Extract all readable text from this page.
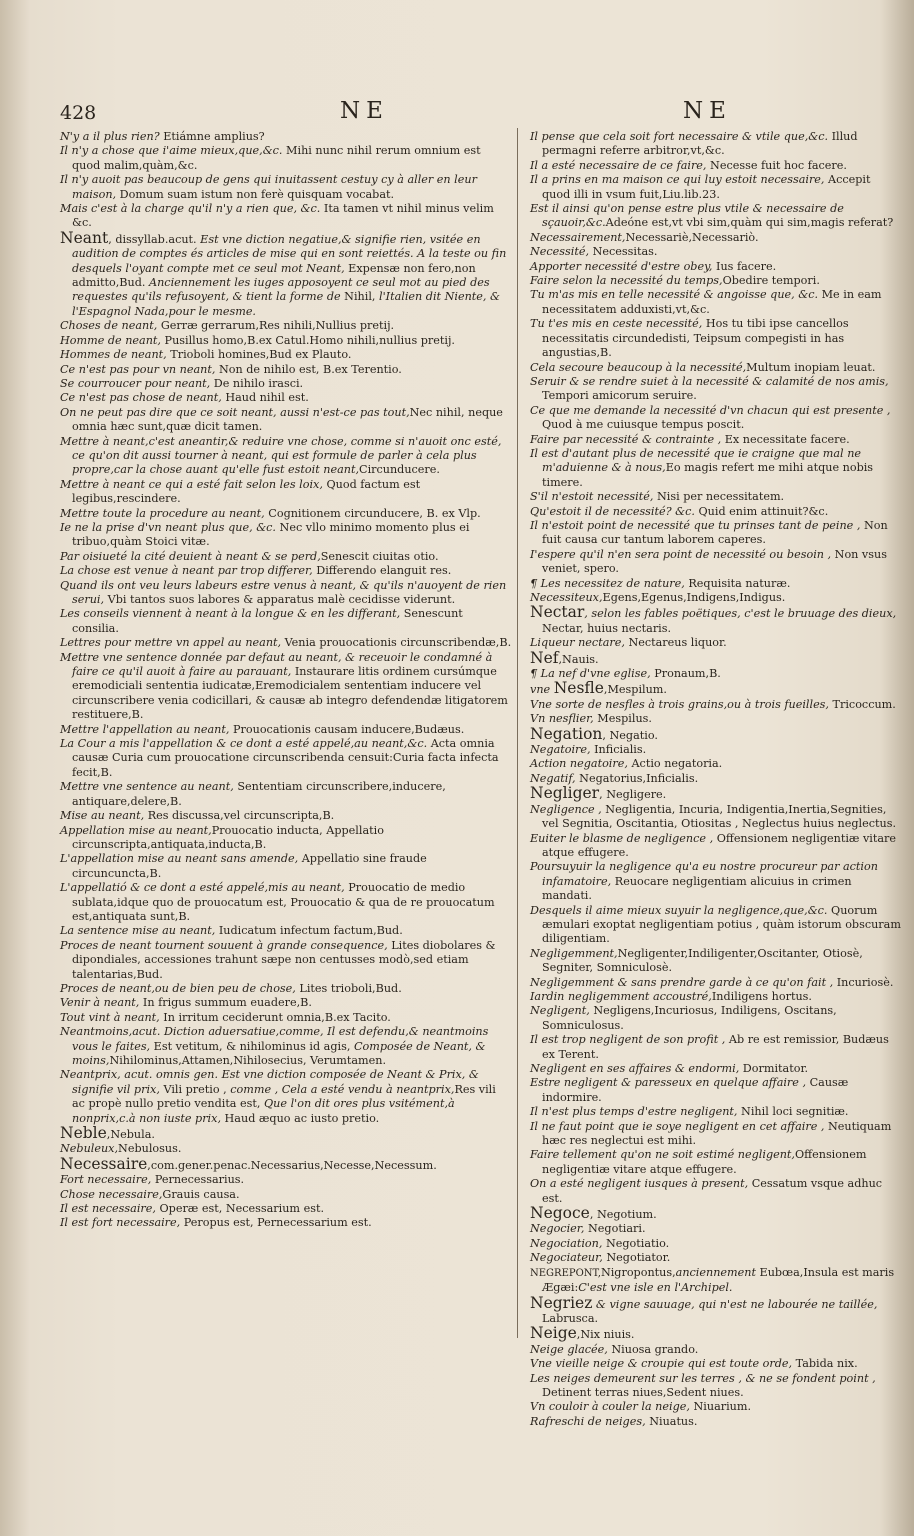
428	NE	NE
N'y a il plus rien? Etiámne amplius?
Il n'y a chose que i'aime mieux,que,&c. Mihi nunc nihil rerum omnium est quod malim,quàm,&c.
Il n'y auoit pas beaucoup de gens qui inuitassent cestuy cy à aller en leur maison, Domum suam istum non ferè quisquam vocabat.
Mais c'est à la charge qu'il n'y a rien que, &c. Ita tamen vt nihil minus velim &c.
Neant, dissyllab.acut. Est vne diction negatiue,& signifie rien, vsitée en audition de comptes és articles de mise qui en sont reiettés. A la teste ou fin desquels l'oyant compte met ce seul mot Neant, Expensæ non fero,non admitto,Bud. Anciennement les iuges apposoyent ce seul mot au pied des requestes qu'ils refusoyent, & tient la forme de Nihil, l'Italien dit Niente, & l'Espagnol Nada,pour le mesme.
Choses de neant, Gerræ gerrarum,Res nihili,Nullius pretij.
Homme de neant, Pusillus homo,B.ex Catul.Homo nihili,nullius pretij.
Hommes de neant, Trioboli homines,Bud ex Plauto.
Ce n'est pas pour vn neant, Non de nihilo est, B.ex Terentio.
Se courroucer pour neant, De nihilo irasci.
Ce n'est pas chose de neant, Haud nihil est.
On ne peut pas dire que ce soit neant, aussi n'est-ce pas tout,Nec nihil, neque omnia hæc sunt,quæ dicit tamen.
Mettre à neant,c'est aneantir,& reduire vne chose, comme si n'auoit onc esté, ce qu'on dit aussi tourner à neant, qui est formule de parler à cela plus propre,car la chose auant qu'elle fust estoit neant,Circunducere.
Mettre à neant ce qui a esté fait selon les loix, Quod factum est legibus,rescindere.
Mettre toute la procedure au neant, Cognitionem circunducere, B. ex Vlp.
Ie ne la prise d'vn neant plus que, &c. Nec vllo minimo momento plus ei tribuo,quàm Stoici vitæ.
Par oisiueté la cité deuient à neant & se perd,Senescit ciuitas otio.
La chose est venue à neant par trop differer, Differendo elanguit res.
Quand ils ont veu leurs labeurs estre venus à neant, & qu'ils n'auoyent de rien serui, Vbi tantos suos labores & apparatus malè cecidisse viderunt.
Les conseils viennent à neant à la longue & en les differant, Senescunt consilia.
Lettres pour mettre vn appel au neant, Venia prouocationis circunscribendæ,B.
Mettre vne sentence donnée par defaut au neant, & receuoir le condamné à faire ce qu'il auoit à faire au parauant, Instaurare litis ordinem cursúmque eremodiciali sententia iudicatæ,Eremodicialem sententiam inducere vel circunscribere venia codicillari, & causæ ab integro defendendæ litigatorem restituere,B.
Mettre l'appellation au neant, Prouocationis causam inducere,Budæus.
La Cour a mis l'appellation & ce dont a esté appelé,au neant,&c. Acta omnia causæ Curia cum prouocatione circunscribenda censuit:Curia facta infecta fecit,B.
Mettre vne sentence au neant, Sententiam circunscribere,inducere, antiquare,delere,B.
Mise au neant, Res discussa,vel circunscripta,B.
Appellation mise au neant,Prouocatio inducta, Appellatio circunscripta,antiquata,inducta,B.
L'appellation mise au neant sans amende, Appellatio sine fraude circuncuncta,B.
L'appellatió & ce dont a esté appelé,mis au neant, Prouocatio de medio sublata,idque quo de prouocatum est, Prouocatio & qua de re prouocatum est,antiquata sunt,B.
La sentence mise au neant, Iudicatum infectum factum,Bud.
Proces de neant tournent souuent à grande consequence, Lites diobolares & dipondiales, accessiones trahunt sæpe non centusses modò,sed etiam talentarias,Bud.
Proces de neant,ou de bien peu de chose, Lites trioboli,Bud.
Venir à neant, In frigus summum euadere,B.
Tout vint à neant, In irritum ceciderunt omnia,B.ex Tacito.
Neantmoins,acut. Diction aduersatiue,comme, Il est defendu,& neantmoins vous le faites, Est vetitum, & nihilominus id agis, Composée de Neant, & moins,Nihilominus,Attamen,Nihilosecius, Verumtamen.
Neantprix, acut. omnis gen. Est vne diction composée de Neant & Prix, & signifie vil prix, Vili pretio , comme , Cela a esté vendu à neantprix,Res vili ac propè nullo pretio vendita est, Que l'on dit ores plus vsitément,à nonprix,c.à non iuste prix, Haud æquo ac iusto pretio.
Neble,Nebula.
Nebuleux,Nebulosus.
Necessaire,com.gener.penac.Necessarius,Necesse,Necessum.
Fort necessaire, Pernecessarius.
Chose necessaire,Grauis causa.
Il est necessaire, Operæ est, Necessarium est.
Il est fort necessaire, Peropus est, Pernecessarium est.
Il pense que cela soit fort necessaire & vtile que,&c. Illud permagni referre arbitror,vt,&c.
Il a esté necessaire de ce faire, Necesse fuit hoc facere.
Il a prins en ma maison ce qui luy estoit necessaire, Accepit quod illi in vsum fuit,Liu.lib.23.
Est il ainsi qu'on pense estre plus vtile & necessaire de sçauoir,&c.Adeóne est,vt vbi sim,quàm qui sim,magis referat?
Necessairement,Necessariè,Necessariò.
Necessité, Necessitas.
Apporter necessité d'estre obey, Ius facere.
Faire selon la necessité du temps,Obedire tempori.
Tu m'as mis en telle necessité & angoisse que, &c. Me in eam necessitatem adduxisti,vt,&c.
Tu t'es mis en ceste necessité, Hos tu tibi ipse cancellos necessitatis circundedisti, Teipsum compegisti in has angustias,B.
Cela secoure beaucoup à la necessité,Multum inopiam leuat.
Seruir & se rendre suiet à la necessité & calamité de nos amis, Tempori amicorum seruire.
Ce que me demande la necessité d'vn chacun qui est presente , Quod à me cuiusque tempus poscit.
Faire par necessité & contrainte , Ex necessitate facere.
Il est d'autant plus de necessité que ie craigne que mal ne m'aduienne & à nous,Eo magis refert me mihi atque nobis timere.
S'il n'estoit necessité, Nisi per necessitatem.
Qu'estoit il de necessité? &c. Quid enim attinuit?&c.
Il n'estoit point de necessité que tu prinses tant de peine , Non fuit causa cur tantum laborem caperes.
I'espere qu'il n'en sera point de necessité ou besoin , Non vsus veniet, spero.
¶ Les necessitez de nature, Requisita naturæ.
Necessiteux,Egens,Egenus,Indigens,Indigus.
Nectar, selon les fables poëtiques, c'est le bruuage des dieux, Nectar, huius nectaris.
Liqueur nectare, Nectareus liquor.
Nef,Nauis.
¶ La nef d'vne eglise, Pronaum,B.
vne Nesfle,Mespilum.
Vne sorte de nesfles à trois grains,ou à trois fueilles, Tricoccum.
Vn nesflier, Mespilus.
Negation, Negatio.
Negatoire, Inficialis.
Action negatoire, Actio negatoria.
Negatif, Negatorius,Inficialis.
Negliger, Negligere.
Negligence , Negligentia, Incuria, Indigentia,Inertia,Segnities, vel Segnitia, Oscitantia, Otiositas , Neglectus huius neglectus.
Euiter le blasme de negligence , Offensionem negligentiæ vitare atque effugere.
Poursuyuir la negligence qu'a eu nostre procureur par action infamatoire, Reuocare negligentiam alicuius in crimen mandati.
Desquels il aime mieux suyuir la negligence,que,&c. Quorum æmulari exoptat negligentiam potius , quàm istorum obscuram diligentiam.
Negligemment,Negligenter,Indiligenter,Oscitanter, Otiosè, Segniter, Somniculosè.
Negligemment & sans prendre garde à ce qu'on fait , Incuriosè.
Iardin negligemment accoustré,Indiligens hortus.
Negligent, Negligens,Incuriosus, Indiligens, Oscitans, Somniculosus.
Il est trop negligent de son profit , Ab re est remissior, Budæus ex Terent.
Negligent en ses affaires & endormi, Dormitator.
Estre negligent & paresseux en quelque affaire , Causæ indormire.
Il n'est plus temps d'estre negligent, Nihil loci segnitiæ.
Il ne faut point que ie soye negligent en cet affaire , Neutiquam hæc res neglectui est mihi.
Faire tellement qu'on ne soit estimé negligent,Offensionem negligentiæ vitare atque effugere.
On a esté negligent iusques à present, Cessatum vsque adhuc est.
Negoce, Negotium.
Negocier, Negotiari.
Negociation, Negotiatio.
Negociateur, Negotiator.
NEGREPONT,Nigropontus,anciennement Eubœa,Insula est maris Ægæi:C'est vne isle en l'Archipel.
Negriez & vigne sauuage, qui n'est ne labourée ne taillée, Labrusca.
Neige,Nix niuis.
Neige glacée, Niuosa grando.
Vne vieille neige & croupie qui est toute orde, Tabida nix.
Les neiges demeurent sur les terres , & ne se fondent point , Detinent terras niues,Sedent niues.
Vn couloir à couler la neige, Niuarium.
Rafreschi de neiges, Niuatus.
